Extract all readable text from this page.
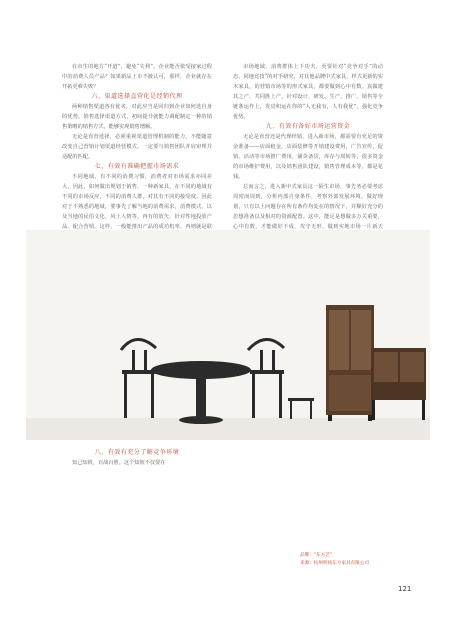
在市生的地方“开道”，避免“失利”。企业能否依受接家过程中的消费人员产品？如果新品上市不被认可，那样，企业就存在开拓更难失败？

六、渠道选择直营化是经销代理

两种销售渠道各有优劣，对此应当是回归到企业如何选自身的优势。销售选择渠道方式，初间提升就能力调配制定一种的销售策略的销售方式，能够实现销售增额。

无论是直营选择，必须重视渠道管理机制的能力，不能随意改变自己营销计划渠道经营模式，一定要与销售团队并肩审理并适配的匹配。

七、有效有准确把握市场需求

不同地域，有不同的消费习惯，消费者对市场需求亦同差大，因此，如何做出规划于销售，一种新家具，在不同的地域有不同的市场反应，不同的消费人群，对其有不同的接受度。因此对于不熟悉的地域，要事先了解当地的消费需求，消费模式，以及当地的民俗文化、风土人情等，再有的放矢，针对性地投放产品、配合营销，这样，一般能推出产品的成功机率。再则就是联

市场地域、消费群体上下功夫，更要针对“竞争对手”的动态、同地竞技“的对手研究，对其他品牌中式家具，样式更新的实木家具，的营销市场等的形式家具，都要做到心中有数。真做建其之产，共同胜上产，针对设计、研发、生产，推广、销售等全链条运作上，发觉积运在你的“人无我有，人有我优”，强化竞争优势。

九、有效有备好市场运营资金

无论是直营还是代理经销，进入新市场，都需要有充足的资金准备——店面租金，店面装修等开销建设费用，广告宣传，促销、活动等市场推广费用，铺货备货，库存与周转等，很多资金的市场维护费用，以及销售团队建设，销售管理成本等，都是花钱。

总而言之，进入新中式家具这一陌生市场，事先务必要考虑周密而周到，分析内部自身条件，考察外部发展环境，做好规划，只有以上问题存在所有条件均处在的情况下，并顺好充分的思想准备以及相对的资源配置。这中，能足是想做多万关重要，心中有数，才能做好不成，攻守无形，做到实地市场一片新天

八、有效有充分了解竞争环境

知己知彼，百战百胜。这个知彼不仅要在

品牌：“东方艺”
来源：杭州明扬东方家具有限公司
121
